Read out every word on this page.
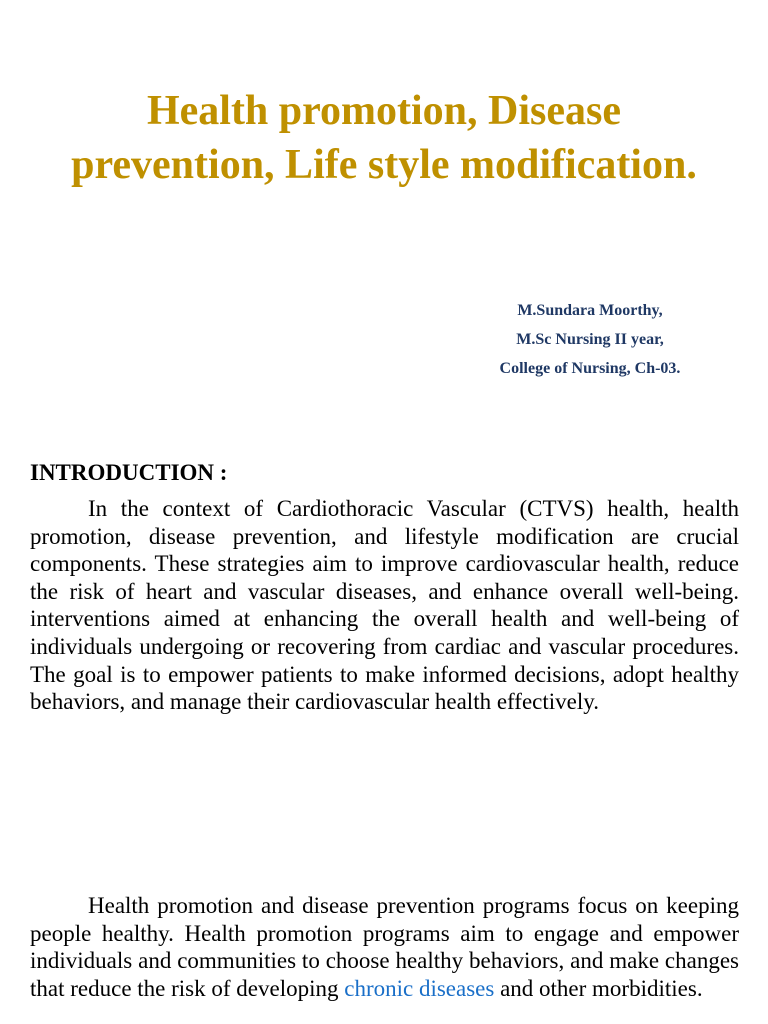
Health promotion, Disease
prevention, Life style modification.
M.Sundara Moorthy,
M.Sc Nursing II year,
College of Nursing, Ch-03.
INTRODUCTION :

In the context of Cardiothoracic Vascular (CTVS) health, health promotion, disease prevention, and lifestyle modification are crucial components. These strategies aim to improve cardiovascular health, reduce the risk of heart and vascular diseases, and enhance overall well-being. interventions aimed at enhancing the overall health and well-being of individuals undergoing or recovering from cardiac and vascular procedures. The goal is to empower patients to make informed decisions, adopt healthy behaviors, and manage their cardiovascular health effectively.

Health promotion and disease prevention programs focus on keeping people healthy. Health promotion programs aim to engage and empower individuals and communities to choose healthy behaviors, and make changes that reduce the risk of developing chronic diseases and other morbidities.
